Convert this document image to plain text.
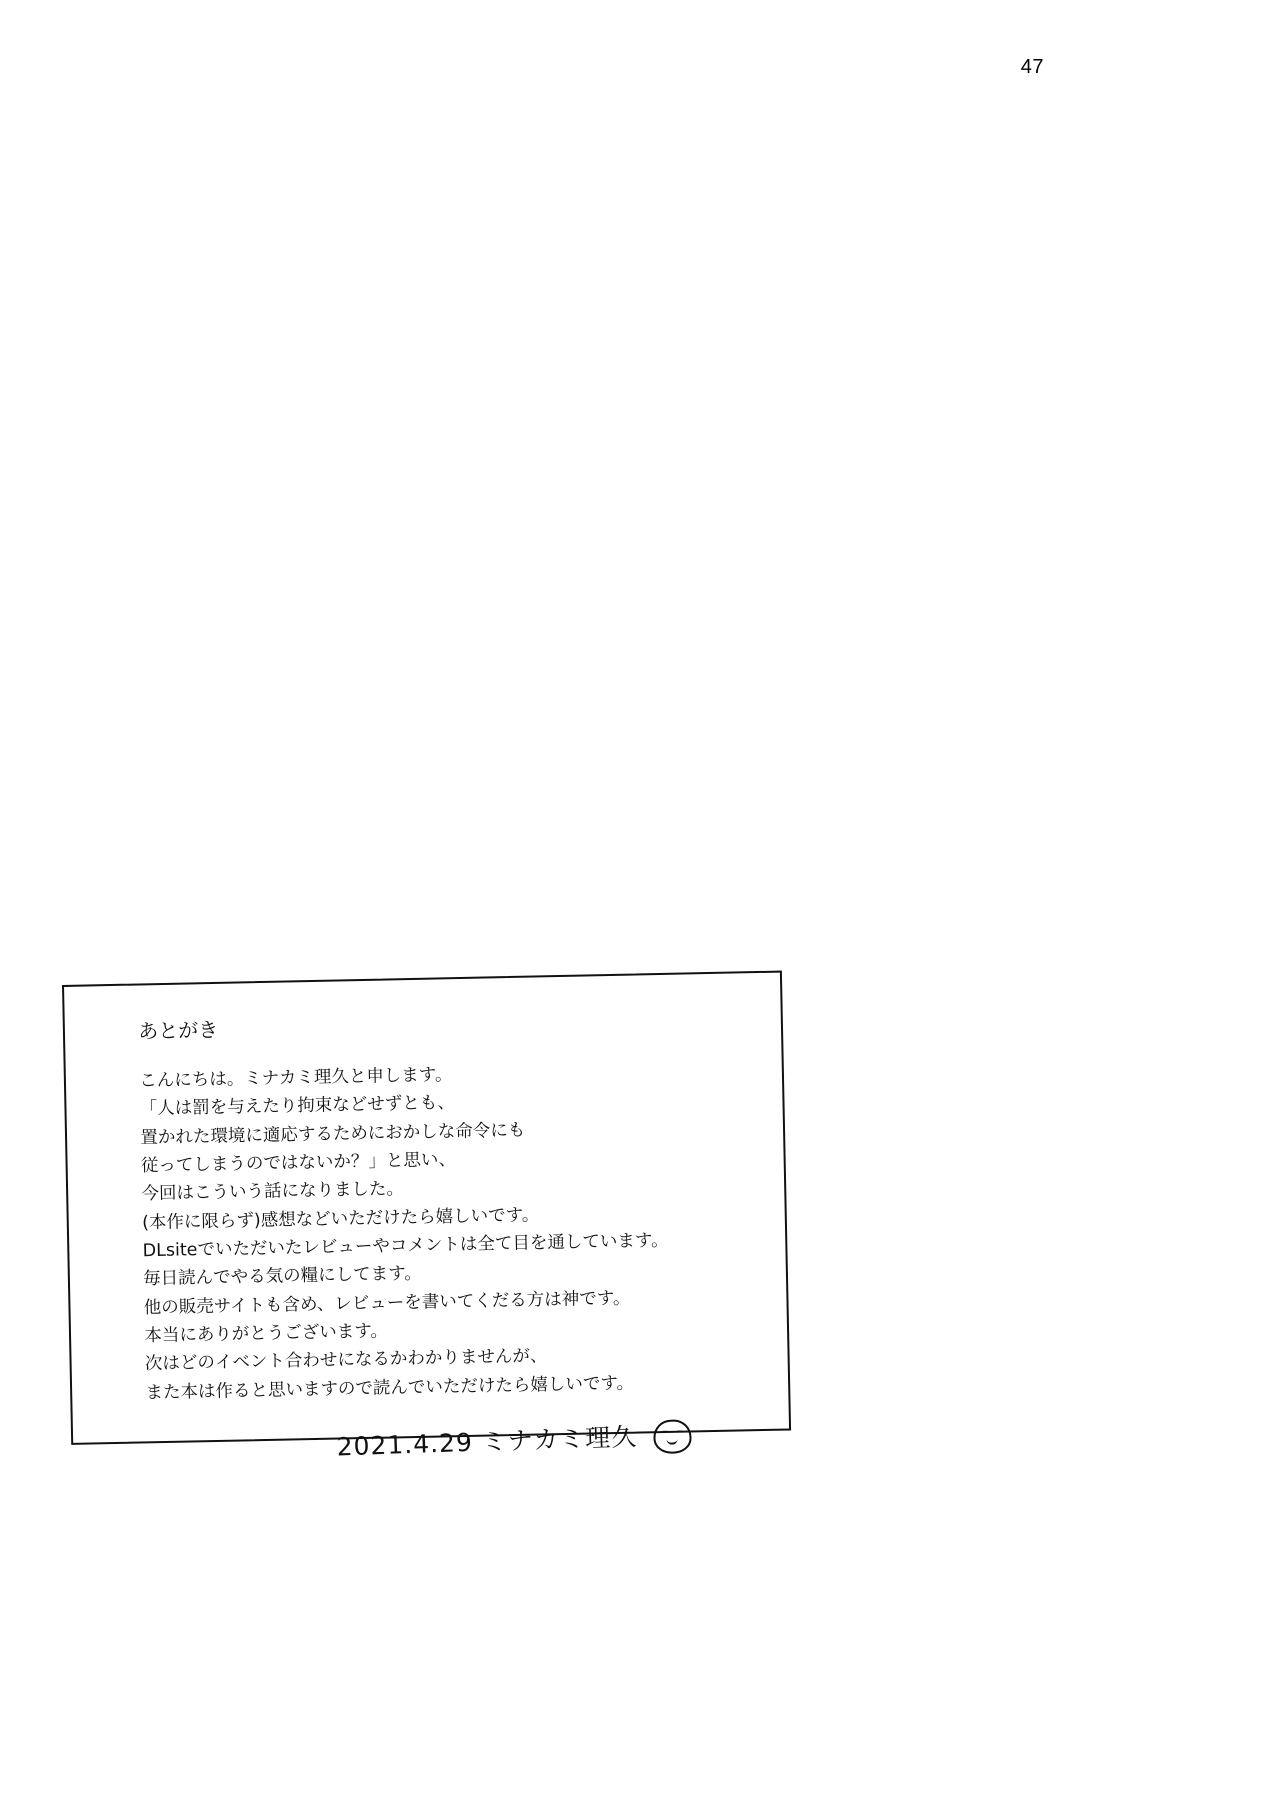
47
あとがき
こんにちは。ミナカミ理久と申します。
「人は罰を与えたり拘束などせずとも、
置かれた環境に適応するためにおかしな命令にも
従ってしまうのではないか？」と思い、
今回はこういう話になりました。
(本作に限らず)感想などいただけたら嬉しいです。
DLsiteでいただいたレビューやコメントは全て目を通しています。
毎日読んでやる気の糧にしてます。
他の販売サイトも含め、レビューを書いてくだる方は神です。
本当にありがとうございます。
次はどのイベント合わせになるかわかりませんが、
また本は作ると思いますので読んでいただけたら嬉しいです。
2021.4.29 ミナカミ理久
